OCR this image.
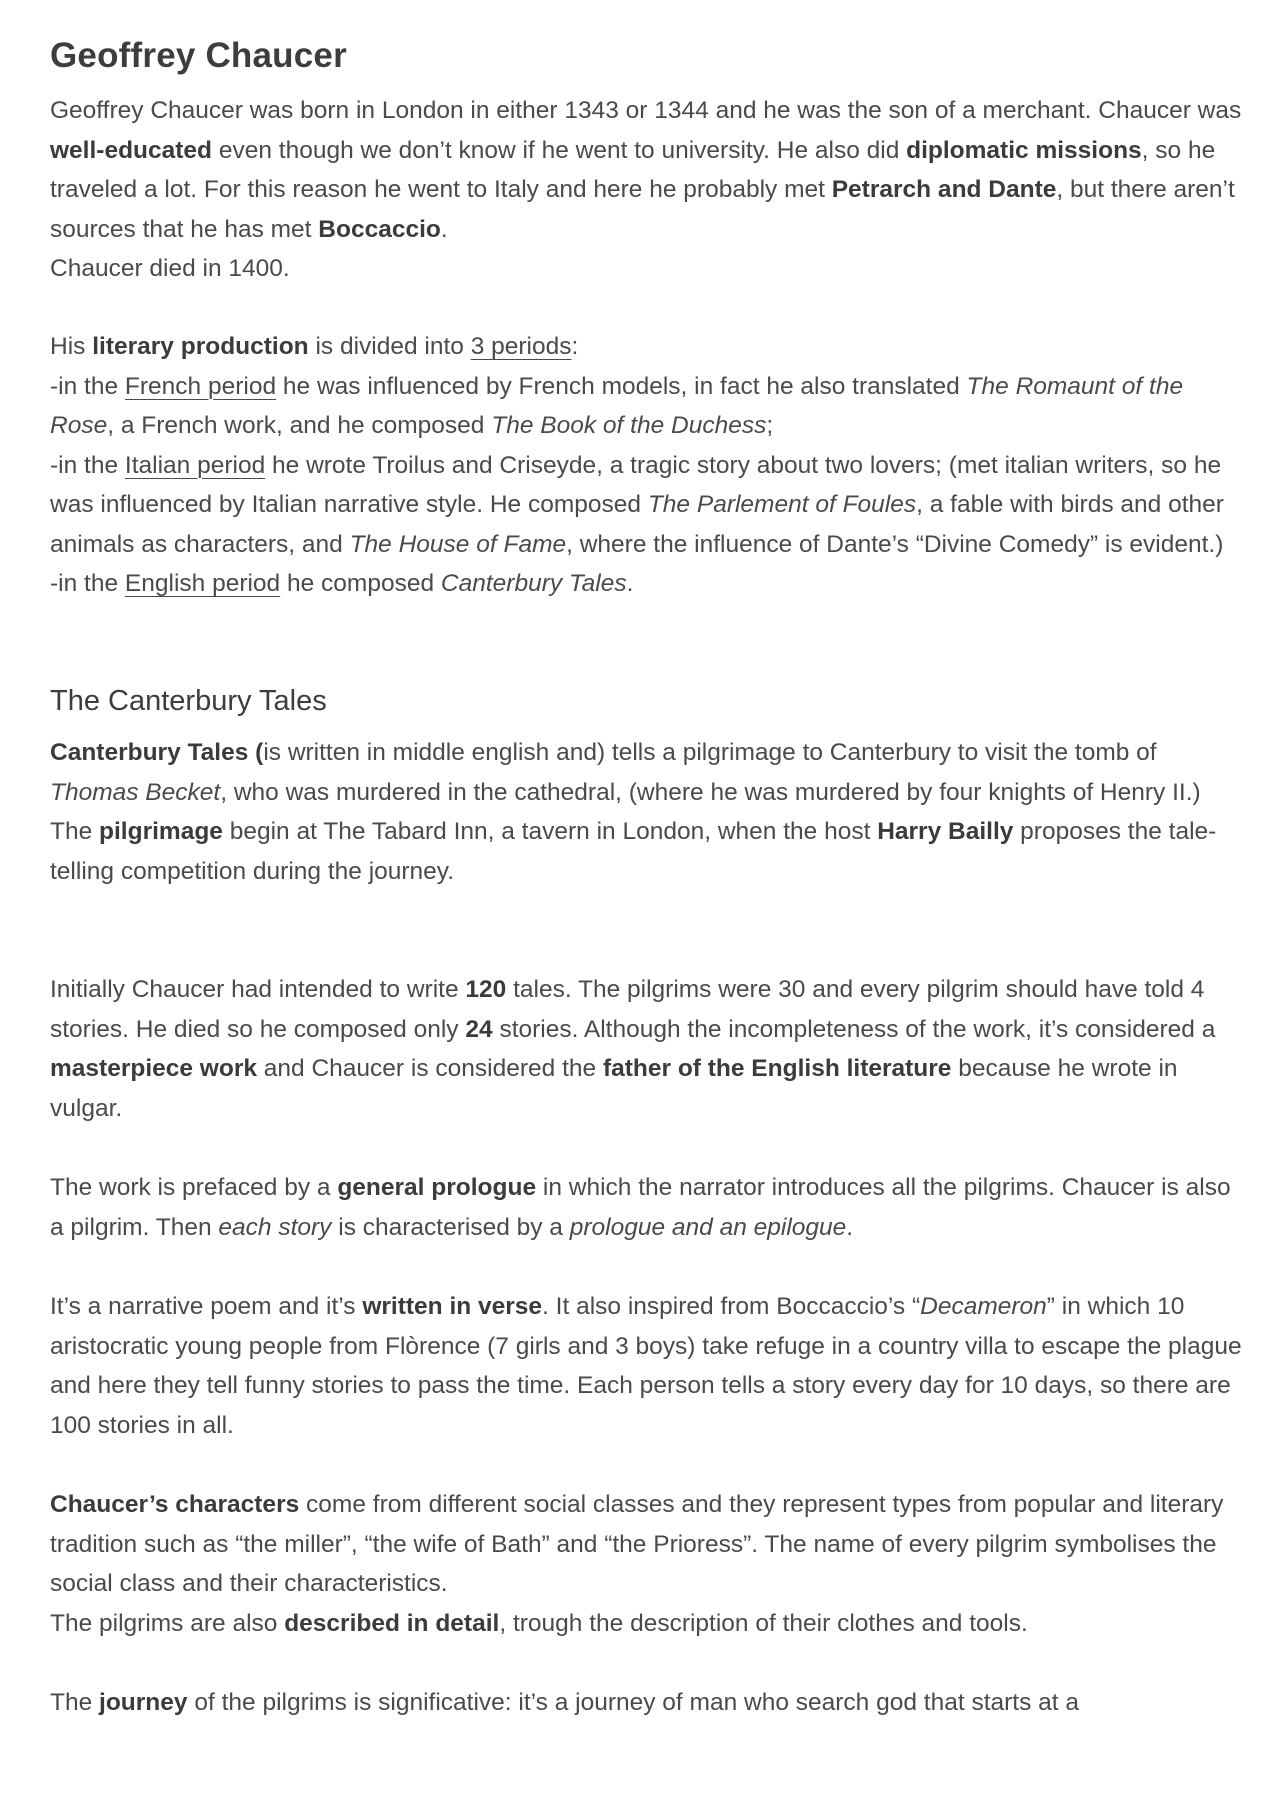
Geoffrey Chaucer

Geoffrey Chaucer was born in London in either 1343 or 1344 and he was the son of a merchant. Chaucer was well-educated even though we don’t know if he went to university. He also did diplomatic missions, so he traveled a lot. For this reason he went to Italy and here he probably met Petrarch and Dante, but there aren’t sources that he has met Boccaccio.
Chaucer died in 1400.

His literary production is divided into 3 periods:
-in the French period he was influenced by French models, in fact he also translated The Romaunt of the Rose, a French work, and he composed The Book of the Duchess;
-in the Italian period he wrote Troilus and Criseyde, a tragic story about two lovers; (met italian writers, so he was influenced by Italian narrative style. He composed The Parlement of Foules, a fable with birds and other animals as characters, and The House of Fame, where the influence of Dante’s “Divine Comedy” is evident.)
-in the English period he composed Canterbury Tales.

The Canterbury Tales

Canterbury Tales (is written in middle english and) tells a pilgrimage to Canterbury to visit the tomb of Thomas Becket, who was murdered in the cathedral, (where he was murdered by four knights of Henry II.)
The pilgrimage begin at The Tabard Inn, a tavern in London, when the host Harry Bailly proposes the tale-telling competition during the journey.

Initially Chaucer had intended to write 120 tales. The pilgrims were 30 and every pilgrim should have told 4 stories. He died so he composed only 24 stories. Although the incompleteness of the work, it’s considered a masterpiece work and Chaucer is considered the father of the English literature because he wrote in vulgar.

The work is prefaced by a general prologue in which the narrator introduces all the pilgrims. Chaucer is also a pilgrim. Then each story is characterised by a prologue and an epilogue.

It’s a narrative poem and it’s written in verse. It also inspired from Boccaccio’s “Decameron” in which 10 aristocratic young people from Flòrence (7 girls and 3 boys) take refuge in a country villa to escape the plague and here they tell funny stories to pass the time. Each person tells a story every day for 10 days, so there are 100 stories in all.

Chaucer’s characters come from different social classes and they represent types from popular and literary tradition such as “the miller”, “the wife of Bath” and “the Prioress”. The name of every pilgrim symbolises the social class and their characteristics.
The pilgrims are also described in detail, trough the description of their clothes and tools.

The journey of the pilgrims is significative: it’s a journey of man who search god that starts at a
